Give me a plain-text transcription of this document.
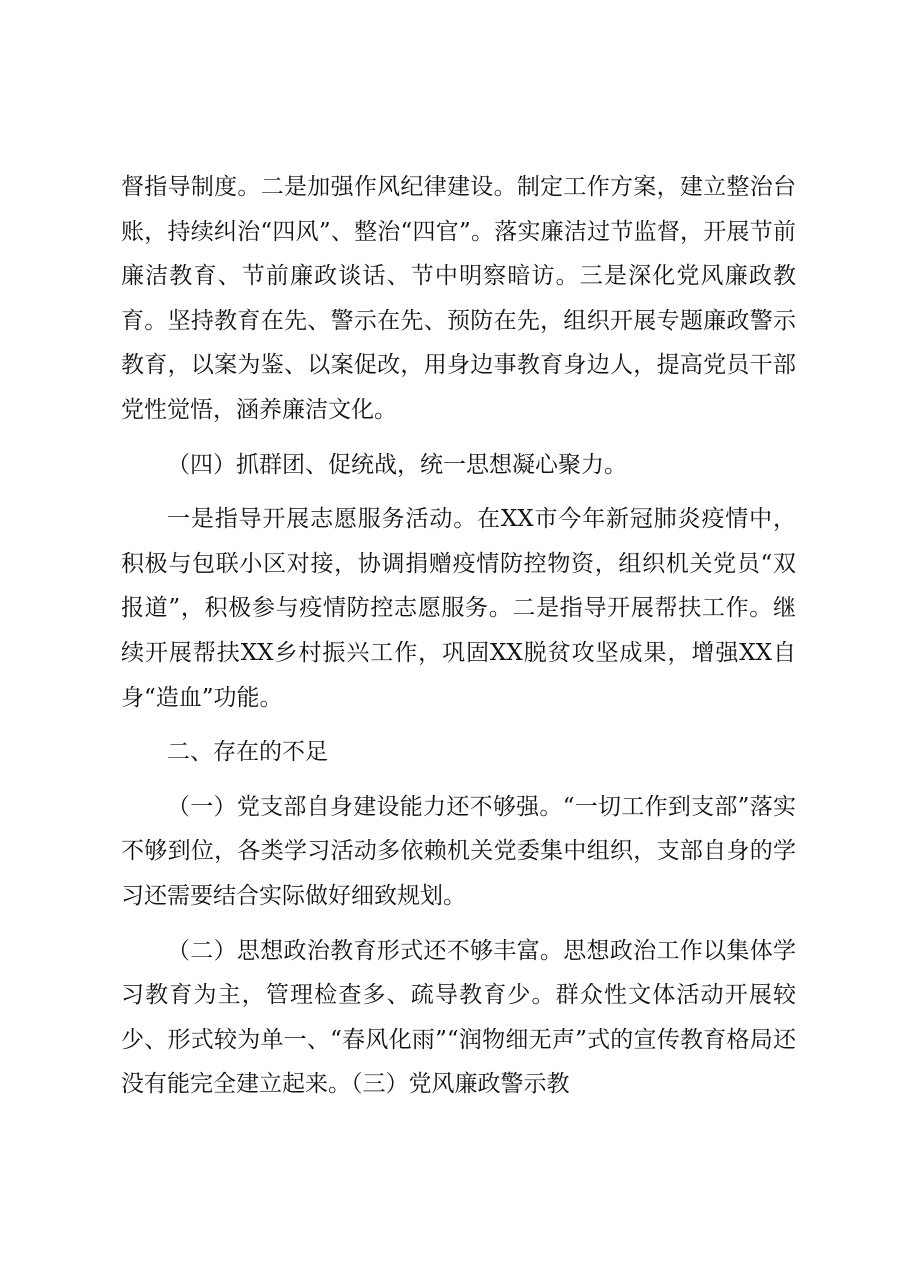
督指导制度。二是加强作风纪律建设。制定工作方案，建立整治台账，持续纠治“四风”、整治“四官”。落实廉洁过节监督，开展节前廉洁教育、节前廉政谈话、节中明察暗访。三是深化党风廉政教育。坚持教育在先、警示在先、预防在先，组织开展专题廉政警示教育，以案为鉴、以案促改，用身边事教育身边人，提高党员干部党性觉悟，涵养廉洁文化。

（四）抓群团、促统战，统一思想凝心聚力。

一是指导开展志愿服务活动。在XX市今年新冠肺炎疫情中，积极与包联小区对接，协调捐赠疫情防控物资，组织机关党员“双报道”，积极参与疫情防控志愿服务。二是指导开展帮扶工作。继续开展帮扶XX乡村振兴工作，巩固XX脱贫攻坚成果，增强XX自身“造血”功能。

二、存在的不足

（一）党支部自身建设能力还不够强。“一切工作到支部”落实不够到位，各类学习活动多依赖机关党委集中组织，支部自身的学习还需要结合实际做好细致规划。

（二）思想政治教育形式还不够丰富。思想政治工作以集体学习教育为主，管理检查多、疏导教育少。群众性文体活动开展较少、形式较为单一、“春风化雨”“润物细无声”式的宣传教育格局还没有能完全建立起来。（三）党风廉政警示教
